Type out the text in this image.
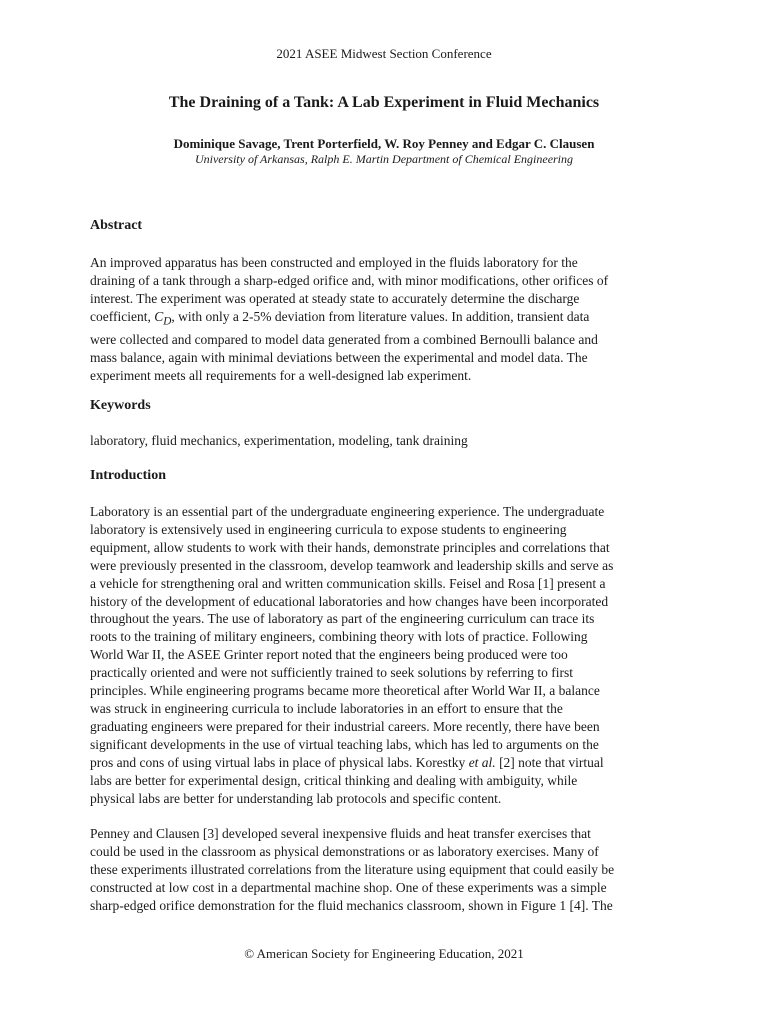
2021 ASEE Midwest Section Conference
The Draining of a Tank: A Lab Experiment in Fluid Mechanics
Dominique Savage, Trent Porterfield, W. Roy Penney and Edgar C. Clausen
University of Arkansas, Ralph E. Martin Department of Chemical Engineering
Abstract
An improved apparatus has been constructed and employed in the fluids laboratory for the
draining of a tank through a sharp-edged orifice and, with minor modifications, other orifices of
interest. The experiment was operated at steady state to accurately determine the discharge
coefficient, $C_D$, with only a 2-5% deviation from literature values. In addition, transient data
were collected and compared to model data generated from a combined Bernoulli balance and
mass balance, again with minimal deviations between the experimental and model data. The
experiment meets all requirements for a well-designed lab experiment.
Keywords
laboratory, fluid mechanics, experimentation, modeling, tank draining
Introduction
Laboratory is an essential part of the undergraduate engineering experience. The undergraduate
laboratory is extensively used in engineering curricula to expose students to engineering
equipment, allow students to work with their hands, demonstrate principles and correlations that
were previously presented in the classroom, develop teamwork and leadership skills and serve as
a vehicle for strengthening oral and written communication skills. Feisel and Rosa [1] present a
history of the development of educational laboratories and how changes have been incorporated
throughout the years. The use of laboratory as part of the engineering curriculum can trace its
roots to the training of military engineers, combining theory with lots of practice. Following
World War II, the ASEE Grinter report noted that the engineers being produced were too
practically oriented and were not sufficiently trained to seek solutions by referring to first
principles. While engineering programs became more theoretical after World War II, a balance
was struck in engineering curricula to include laboratories in an effort to ensure that the
graduating engineers were prepared for their industrial careers. More recently, there have been
significant developments in the use of virtual teaching labs, which has led to arguments on the
pros and cons of using virtual labs in place of physical labs. Korestky et al. [2] note that virtual
labs are better for experimental design, critical thinking and dealing with ambiguity, while
physical labs are better for understanding lab protocols and specific content.
Penney and Clausen [3] developed several inexpensive fluids and heat transfer exercises that
could be used in the classroom as physical demonstrations or as laboratory exercises. Many of
these experiments illustrated correlations from the literature using equipment that could easily be
constructed at low cost in a departmental machine shop. One of these experiments was a simple
sharp-edged orifice demonstration for the fluid mechanics classroom, shown in Figure 1 [4]. The
© American Society for Engineering Education, 2021
